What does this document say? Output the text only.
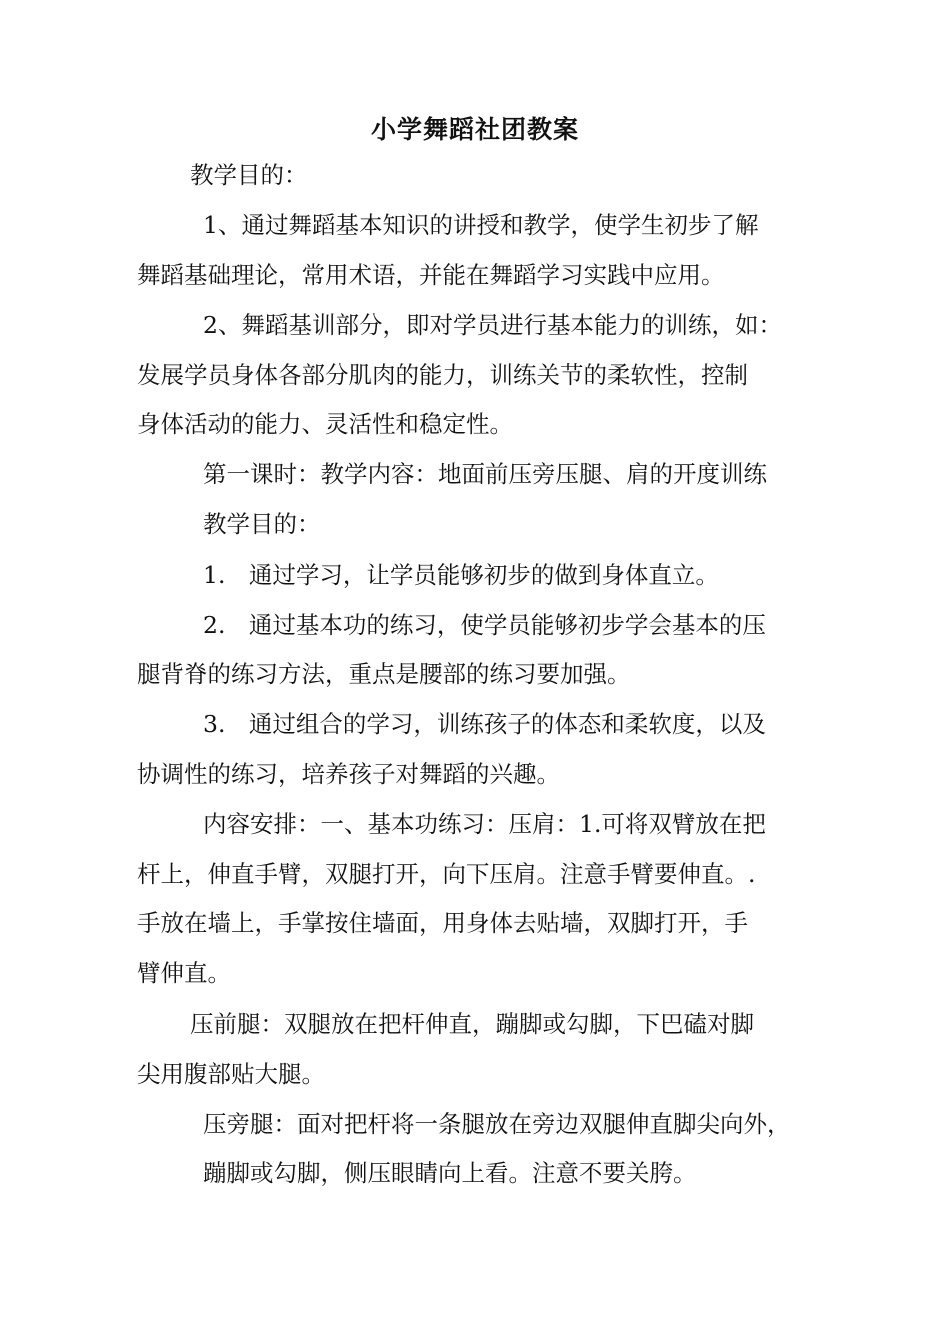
小学舞蹈社团教案
教学目的：
1、通过舞蹈基本知识的讲授和教学，使学生初步了解
舞蹈基础理论，常用术语，并能在舞蹈学习实践中应用。
2、舞蹈基训部分，即对学员进行基本能力的训练，如：
发展学员身体各部分肌肉的能力，训练关节的柔软性，控制
身体活动的能力、灵活性和稳定性。
第一课时：教学内容：地面前压旁压腿、肩的开度训练
教学目的：
1.　通过学习，让学员能够初步的做到身体直立。
2.　通过基本功的练习，使学员能够初步学会基本的压
腿背脊的练习方法，重点是腰部的练习要加强。
3.　通过组合的学习，训练孩子的体态和柔软度，以及
协调性的练习，培养孩子对舞蹈的兴趣。
内容安排：一、基本功练习：压肩：1.可将双臂放在把
杆上，伸直手臂，双腿打开，向下压肩。注意手臂要伸直。.
手放在墙上，手掌按住墙面，用身体去贴墙，双脚打开，手
臂伸直。
压前腿：双腿放在把杆伸直，蹦脚或勾脚，下巴磕对脚
尖用腹部贴大腿。
压旁腿：面对把杆将一条腿放在旁边双腿伸直脚尖向外，
蹦脚或勾脚，侧压眼睛向上看。注意不要关胯。
